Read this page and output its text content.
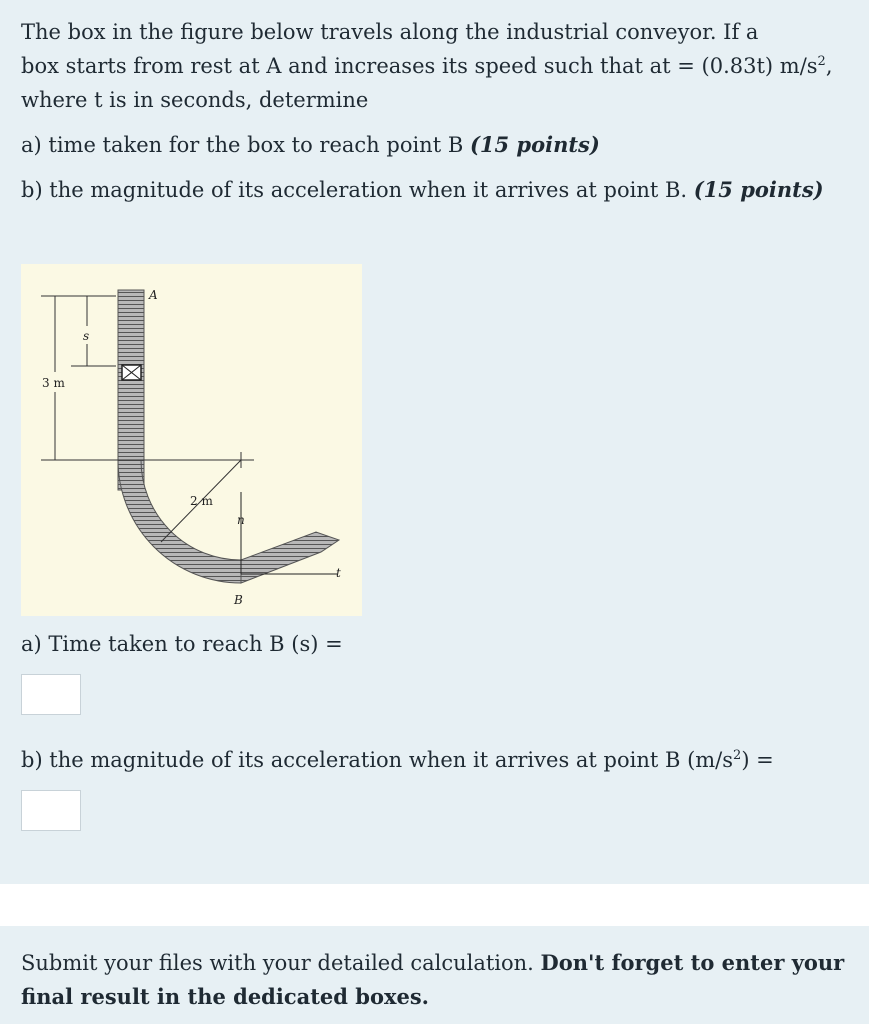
The box in the figure below travels along the industrial conveyor. If a
box starts from rest at A and increases its speed such that at = (0.83t) $m/s^2$,
where t is in seconds, determine
a) time taken for the box to reach point B (15 points)
b) the magnitude of its acceleration when it arrives at point B. (15 points)
A
s
3 m
2 m
n
t
B
a) Time taken to reach B (s) =
b) the magnitude of its acceleration when it arrives at point B $(m/s^2)$ =
Submit your files with your detailed calculation. Don't forget to enter your
final result in the dedicated boxes.
